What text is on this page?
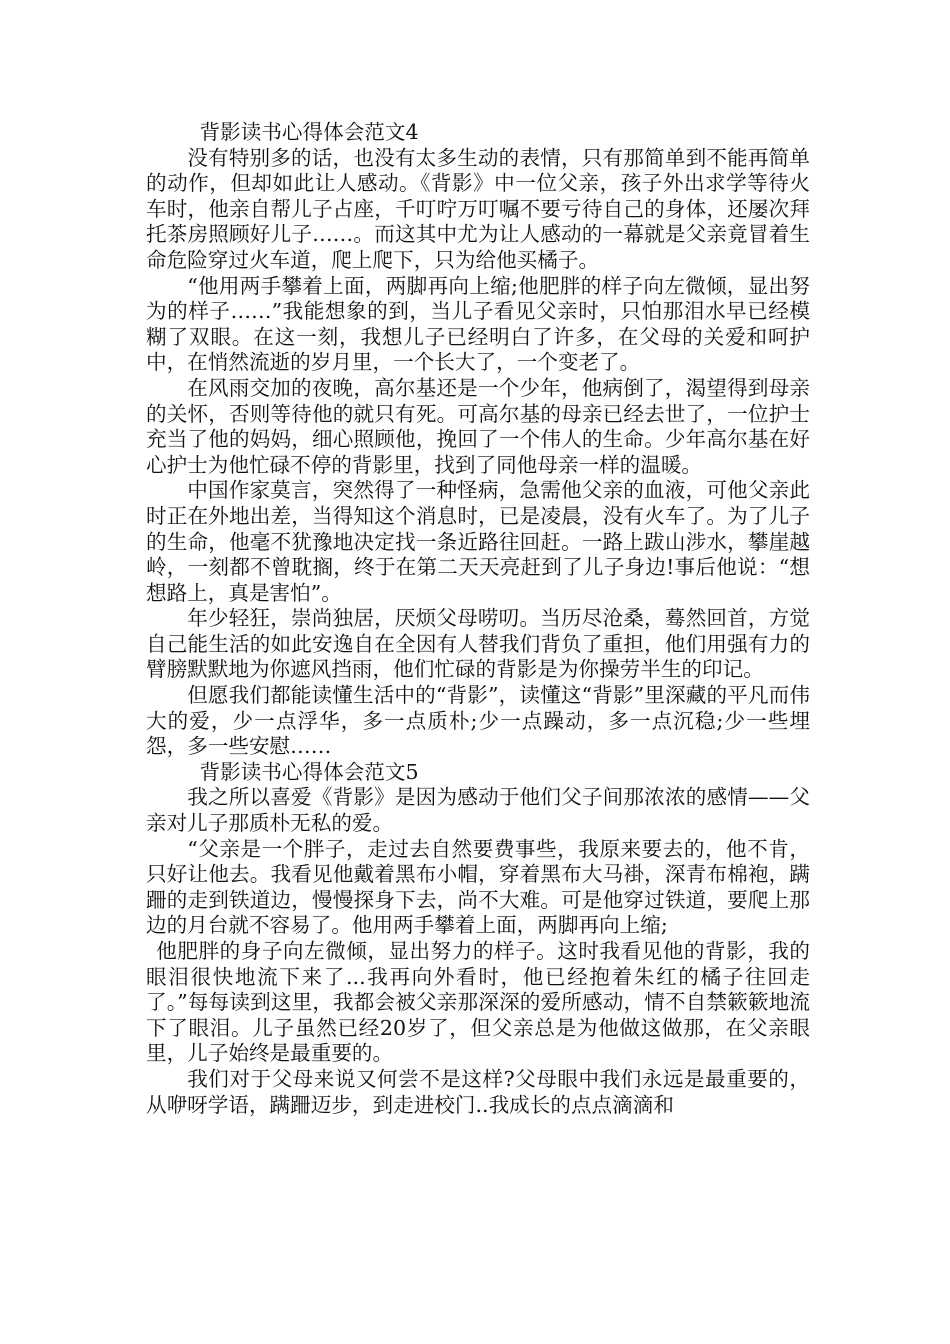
背影读书心得体会范文4

没有特别多的话，也没有太多生动的表情，只有那简单到不能再简单的动作，但却如此让人感动。《背影》中一位父亲，孩子外出求学等待火车时，他亲自帮儿子占座，千叮咛万叮嘱不要亏待自己的身体，还屡次拜托茶房照顾好儿子……。而这其中尤为让人感动的一幕就是父亲竟冒着生命危险穿过火车道，爬上爬下，只为给他买橘子。

“他用两手攀着上面，两脚再向上缩;他肥胖的样子向左微倾，显出努为的样子……”我能想象的到，当儿子看见父亲时，只怕那泪水早已经模糊了双眼。在这一刻，我想儿子已经明白了许多，在父母的关爱和呵护中，在悄然流逝的岁月里，一个长大了，一个变老了。

在风雨交加的夜晚，高尔基还是一个少年，他病倒了，渴望得到母亲的关怀，否则等待他的就只有死。可高尔基的母亲已经去世了，一位护士充当了他的妈妈，细心照顾他，挽回了一个伟人的生命。少年高尔基在好心护士为他忙碌不停的背影里，找到了同他母亲一样的温暖。

中国作家莫言，突然得了一种怪病，急需他父亲的血液，可他父亲此时正在外地出差，当得知这个消息时，已是凌晨，没有火车了。为了儿子的生命，他毫不犹豫地决定找一条近路往回赶。一路上跋山涉水，攀崖越岭，一刻都不曾耽搁，终于在第二天天亮赶到了儿子身边!事后他说：“想想路上，真是害怕”。

年少轻狂，崇尚独居，厌烦父母唠叨。当历尽沧桑，蓦然回首，方觉自己能生活的如此安逸自在全因有人替我们背负了重担，他们用强有力的臂膀默默地为你遮风挡雨，他们忙碌的背影是为你操劳半生的印记。

但愿我们都能读懂生活中的“背影”，读懂这“背影”里深藏的平凡而伟大的爱，少一点浮华，多一点质朴;少一点躁动，多一点沉稳;少一些埋怨，多一些安慰……

背影读书心得体会范文5

我之所以喜爱《背影》是因为感动于他们父子间那浓浓的感情——父亲对儿子那质朴无私的爱。

“父亲是一个胖子，走过去自然要费事些，我原来要去的，他不肯，只好让他去。我看见他戴着黑布小帽，穿着黑布大马褂，深青布棉袍，蹒跚的走到铁道边，慢慢探身下去，尚不大难。可是他穿过铁道，要爬上那边的月台就不容易了。他用两手攀着上面，两脚再向上缩;

他肥胖的身子向左微倾，显出努力的样子。这时我看见他的背影，我的眼泪很快地流下来了...我再向外看时，他已经抱着朱红的橘子往回走了。”每每读到这里，我都会被父亲那深深的爱所感动，情不自禁簌簌地流下了眼泪。儿子虽然已经20岁了，但父亲总是为他做这做那，在父亲眼里，儿子始终是最重要的。

我们对于父母来说又何尝不是这样?父母眼中我们永远是最重要的，从咿呀学语，蹒跚迈步，到走进校门..我成长的点点滴滴和
